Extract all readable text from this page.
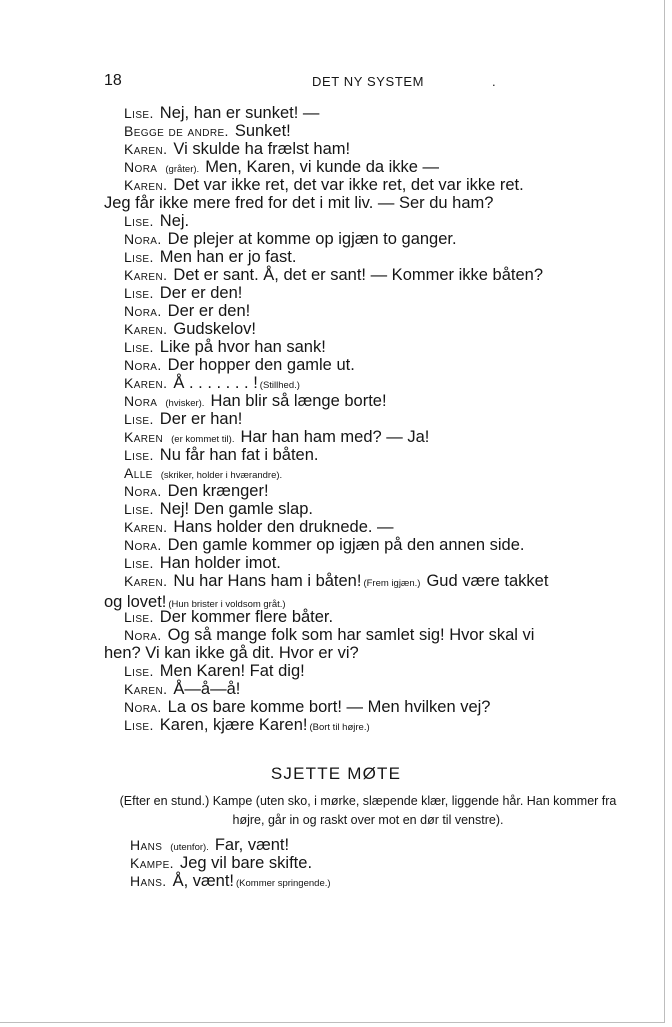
18	DET NY SYSTEM	.
Lise. Nej, han er sunket! —
Begge de andre. Sunket!
Karen. Vi skulde ha frælst ham!
Nora (gråter). Men, Karen, vi kunde da ikke —
Karen. Det var ikke ret, det var ikke ret, det var ikke ret.
Jeg får ikke mere fred for det i mit liv. — Ser du ham?
Lise. Nej.
Nora. De plejer at komme op igjæn to ganger.
Lise. Men han er jo fast.
Karen. Det er sant. Å, det er sant! — Kommer ikke båten?
Lise. Der er den!
Nora. Der er den!
Karen. Gudskelov!
Lise. Like på hvor han sank!
Nora. Der hopper den gamle ut.
Karen. Å . . . . . . . ! (Stillhed.)
Nora (hvisker). Han blir så længe borte!
Lise. Der er han!
Karen (er kommet til). Har han ham med? — Ja!
Lise. Nu får han fat i båten.
Alle (skriker, holder i hværandre).
Nora. Den krænger!
Lise. Nej! Den gamle slap.
Karen. Hans holder den druknede. —
Nora. Den gamle kommer op igjæn på den annen side.
Lise. Han holder imot.
Karen. Nu har Hans ham i båten! (Frem igjæn.) Gud være takket
og lovet! (Hun brister i voldsom gråt.)
Lise. Der kommer flere båter.
Nora. Og så mange folk som har samlet sig! Hvor skal vi
hen? Vi kan ikke gå dit. Hvor er vi?
Lise. Men Karen! Fat dig!
Karen. Å—å—å!
Nora. La os bare komme bort! — Men hvilken vej?
Lise. Karen, kjære Karen! (Bort til højre.)
SJETTE MØTE
(Efter en stund.) Kampe (uten sko, i mørke, slæpende klær, liggende hår. Han kommer fra højre, går in og raskt over mot en dør til venstre).
Hans (utenfor). Far, vænt!
Kampe. Jeg vil bare skifte.
Hans. Å, vænt! (Kommer springende.)
